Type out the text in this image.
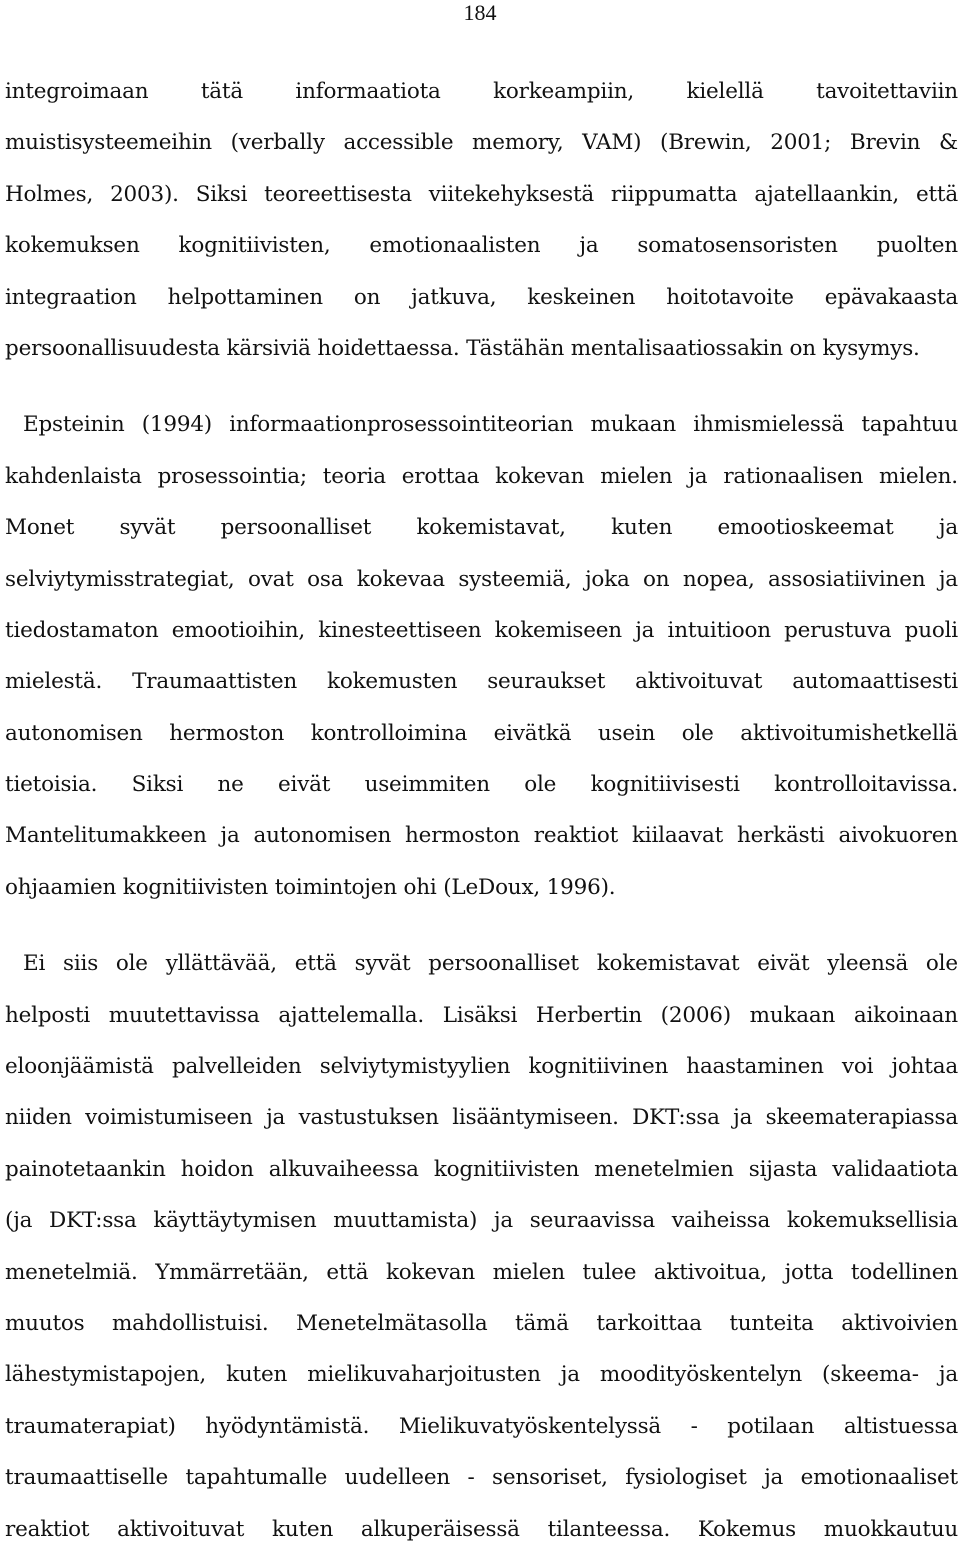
184
integroimaan tätä informaatiota korkeampiin, kielellä tavoitettaviin
muistisysteemeihin (verbally accessible memory, VAM) (Brewin, 2001; Brevin &
Holmes, 2003). Siksi teoreettisesta viitekehyksestä riippumatta ajatellaankin, että
kokemuksen kognitiivisten, emotionaalisten ja somatosensoristen puolten
integraation helpottaminen on jatkuva, keskeinen hoitotavoite epävakaasta
persoonallisuudesta kärsiviä hoidettaessa. Tästähän mentalisaatiossakin on kysymys.
Epsteinin (1994) informaationprosessointiteorian mukaan ihmismielessä tapahtuu
kahdenlaista prosessointia; teoria erottaa kokevan mielen ja rationaalisen mielen.
Monet syvät persoonalliset kokemistavat, kuten emootioskeemat ja
selviytymisstrategiat, ovat osa kokevaa systeemiä, joka on nopea, assosiatiivinen ja
tiedostamaton emootioihin, kinesteettiseen kokemiseen ja intuitioon perustuva puoli
mielestä. Traumaattisten kokemusten seuraukset aktivoituvat automaattisesti
autonomisen hermoston kontrolloimina eivätkä usein ole aktivoitumishetkellä
tietoisia. Siksi ne eivät useimmiten ole kognitiivisesti kontrolloitavissa.
Mantelitumakkeen ja autonomisen hermoston reaktiot kiilaavat herkästi aivokuoren
ohjaamien kognitiivisten toimintojen ohi (LeDoux, 1996).
Ei siis ole yllättävää, että syvät persoonalliset kokemistavat eivät yleensä ole
helposti muutettavissa ajattelemalla. Lisäksi Herbertin (2006) mukaan aikoinaan
eloonjäämistä palvelleiden selviytymistyylien kognitiivinen haastaminen voi johtaa
niiden voimistumiseen ja vastustuksen lisääntymiseen. DKT:ssa ja skeematerapiassa
painotetaankin hoidon alkuvaiheessa kognitiivisten menetelmien sijasta validaatiota
(ja DKT:ssa käyttäytymisen muuttamista) ja seuraavissa vaiheissa kokemuksellisia
menetelmiä. Ymmärretään, että kokevan mielen tulee aktivoitua, jotta todellinen
muutos mahdollistuisi. Menetelmätasolla tämä tarkoittaa tunteita aktivoivien
lähestymistapojen, kuten mielikuvaharjoitusten ja moodityöskentelyn (skeema- ja
traumaterapiat) hyödyntämistä. Mielikuvatyöskentelyssä - potilaan altistuessa
traumaattiselle tapahtumalle uudelleen - sensoriset, fysiologiset ja emotionaaliset
reaktiot aktivoituvat kuten alkuperäisessä tilanteessa. Kokemus muokkautuu
